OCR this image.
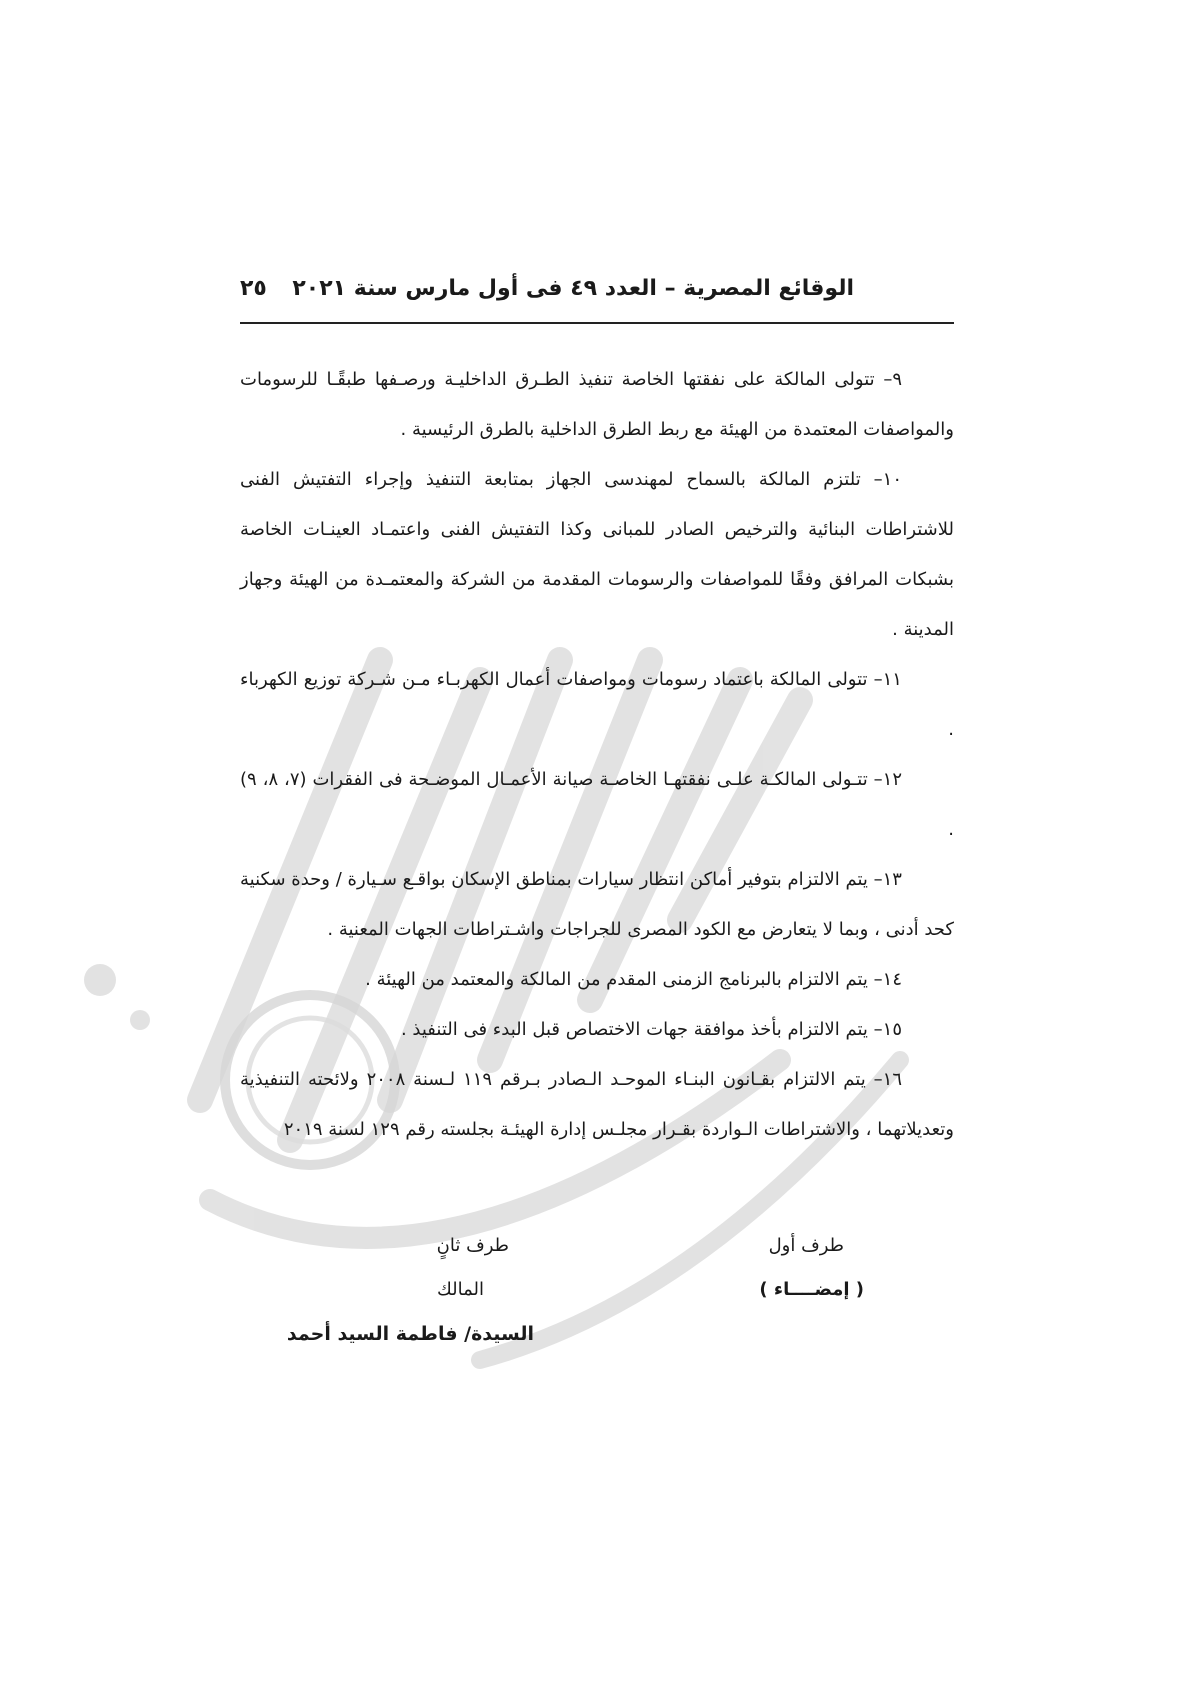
الوقائع المصرية – العدد ٤٩ فى أول مارس سنة ٢٠٢١
٢٥

٩– تتولى المالكة على نفقتها الخاصة تنفيذ الطـرق الداخليـة ورصـفها طبقًـا للرسومات والمواصفات المعتمدة من الهيئة مع ربط الطرق الداخلية بالطرق الرئيسية .

١٠– تلتزم المالكة بالسماح لمهندسى الجهاز بمتابعة التنفيذ وإجراء التفتيش الفنى للاشتراطات البنائية والترخيص الصادر للمبانى وكذا التفتيش الفنى واعتمـاد العينـات الخاصة بشبكات المرافق وفقًا للمواصفات والرسومات المقدمة من الشركة والمعتمـدة من الهيئة وجهاز المدينة .

١١– تتولى المالكة باعتماد رسومات ومواصفات أعمال الكهربـاء مـن شـركة توزيع الكهرباء .

١٢– تتـولى المالكـة علـى نفقتهـا الخاصـة صيانة الأعمـال الموضـحة فى الفقرات (٧، ٨، ٩) .

١٣– يتم الالتزام بتوفير أماكن انتظار سيارات بمناطق الإسكان بواقـع سـيارة / وحدة سكنية كحد أدنى ، وبما لا يتعارض مع الكود المصرى للجراجات واشـتراطات الجهات المعنية .

١٤– يتم الالتزام بالبرنامج الزمنى المقدم من المالكة والمعتمد من الهيئة .

١٥– يتم الالتزام بأخذ موافقة جهات الاختصاص قبل البدء فى التنفيذ .

١٦– يتم الالتزام بقـانون البنـاء الموحـد الـصادر بـرقم ١١٩ لـسنة ٢٠٠٨ ولائحته التنفيذية وتعديلاتهما ، والاشتراطات الـواردة بقـرار مجلـس إدارة الهيئـة بجلسته رقم ١٢٩ لسنة ٢٠١٩

طرف أول
( إمضــــاء )
طرف ثانٍ
المالك
السيدة/ فاطمة السيد أحمد
